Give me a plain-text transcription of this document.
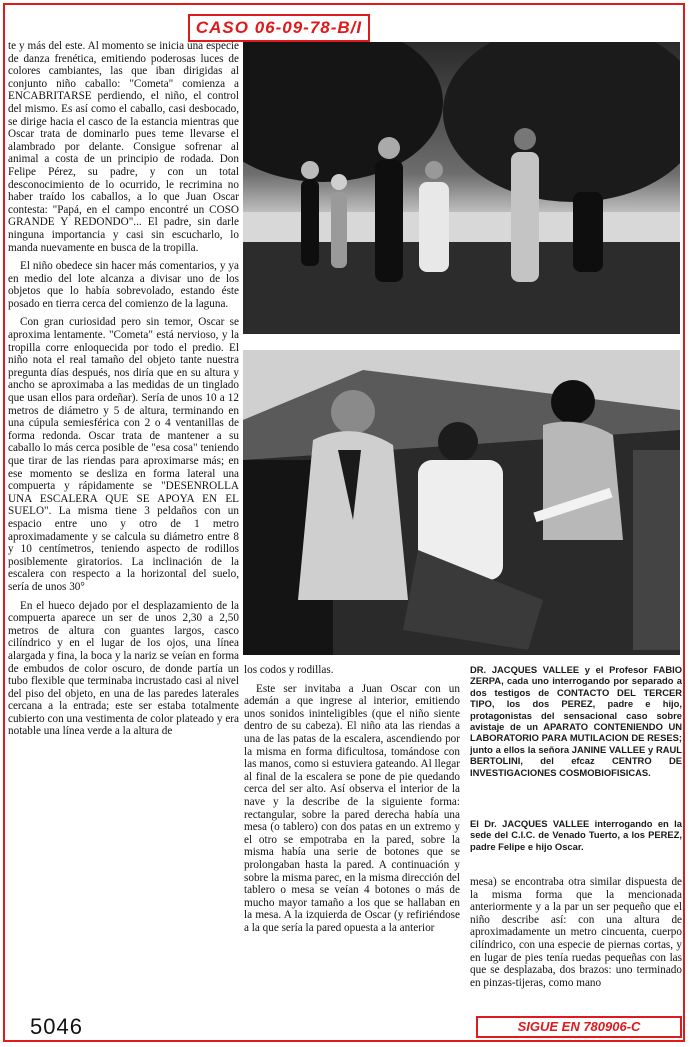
CASO 06-09-78-B/I

te y más del este. Al momento se inicia una especie de danza frenética, emitiendo poderosas luces de colores cambiantes, las que iban dirigidas al conjunto niño caballo: "Cometa" comienza a ENCABRITARSE perdiendo, el niño, el control del mismo. Es así como el caballo, casi desbocado, se dirige hacia el casco de la estancia mientras que Oscar trata de dominarlo pues teme llevarse el alambrado por delante. Consigue sofrenar al animal a costa de un principio de rodada. Don Felipe Pérez, su padre, y con un total desconocimiento de lo ocurrido, le recrimina no haber traído los caballos, a lo que Juan Oscar contesta: "Papá, en el campo encontré un COSO GRANDE Y REDONDO"... El padre, sin darle ninguna importancia y casi sin escucharlo, lo manda nuevamente en busca de la tropilla.

El niño obedece sin hacer más comentarios, y ya en medio del lote alcanza a divisar uno de los objetos que lo había sobrevolado, estando éste posado en tierra cerca del comienzo de la laguna.

Con gran curiosidad pero sin temor, Oscar se aproxima lentamente. "Cometa" está nervioso, y la tropilla corre enloquecida por todo el predio. El niño nota el real tamaño del objeto tante nuestra pregunta días después, nos diría que en su altura y ancho se aproximaba a las medidas de un tinglado que usan ellos para ordeñar). Sería de unos 10 a 12 metros de diámetro y 5 de altura, terminando en una cúpula semiesférica con 2 o 4 ventanillas de forma redonda. Oscar trata de mantener a su caballo lo más cerca posible de "esa cosa" teniendo que tirar de las riendas para aproximarse más; en ese momento se desliza en forma lateral una compuerta y rápidamente se "DESENROLLA UNA ESCALERA QUE SE APOYA EN EL SUELO". La misma tiene 3 peldaños con un espacio entre uno y otro de 1 metro aproximadamente y se calcula su diámetro entre 8 y 10 centímetros, teniendo aspecto de rodillos posiblemente giratorios. La inclinación de la escalera con respecto a la horizontal del suelo, sería de unos 30°

En el hueco dejado por el desplazamiento de la compuerta aparece un ser de unos 2,30 a 2,50 metros de altura con guantes largos, casco cilíndrico y en el lugar de los ojos, una línea alargada y fina, la boca y la nariz se veían en forma de embudos de color oscuro, de donde partía un tubo flexible que terminaba incrustado casi al nivel del piso del objeto, en una de las paredes laterales cercana a la entrada; este ser estaba totalmente cubierto con una vestimenta de color plateado y era notable una línea verde a la altura de

los codos y rodillas.

Este ser invitaba a Juan Oscar con un ademán a que ingrese al interior, emitiendo unos sonidos ininteligibles (que el niño siente dentro de su cabeza). El niño ata las riendas a una de las patas de la escalera, ascendiendo por la misma en forma dificultosa, tomándose con las manos, como si estuviera gateando. Al llegar al final de la escalera se pone de pie quedando cerca del ser alto. Así observa el interior de la nave y la describe de la siguiente forma: rectangular, sobre la pared derecha había una mesa (o tablero) con dos patas en un extremo y el otro se empotraba en la pared, sobre la misma había una serie de botones que se prolongaban hasta la pared. A continuación y sobre la misma parec, en la misma dirección del tablero o mesa se veían 4 botones o más de mucho mayor tamaño a los que se hallaban en la mesa. A la izquierda de Oscar (y refiriéndose a la que sería la pared opuesta a la anterior

DR. JACQUES VALLEE y el Profesor FABIO ZERPA, cada uno interrogando por separado a dos testigos de CONTACTO DEL TERCER TIPO, los dos PEREZ, padre e hijo, protagonistas del sensacional caso sobre avistaje de un APARATO CONTENIENDO UN LABORATORIO PARA MUTILACION DE RESES; junto a ellos la señora JANINE VALLEE y RAUL BERTOLINI, del efcaz CENTRO DE INVESTIGACIONES COSMOBIOFISICAS.
El Dr. JACQUES VALLEE interrogando en la sede del C.I.C. de Venado Tuerto, a los PEREZ, padre Felipe e hijo Oscar.

mesa) se encontraba otra similar dispuesta de la misma forma que la mencionada anteriormente y a la par un ser pequeño que el niño describe así: con una altura de aproximadamente un metro cincuenta, cuerpo cilíndrico, con una especie de piernas cortas, y en lugar de pies tenía ruedas pequeñas con las que se desplazaba, dos brazos: uno terminado en pinzas-tijeras, como mano

5046	SIGUE EN 780906-C
